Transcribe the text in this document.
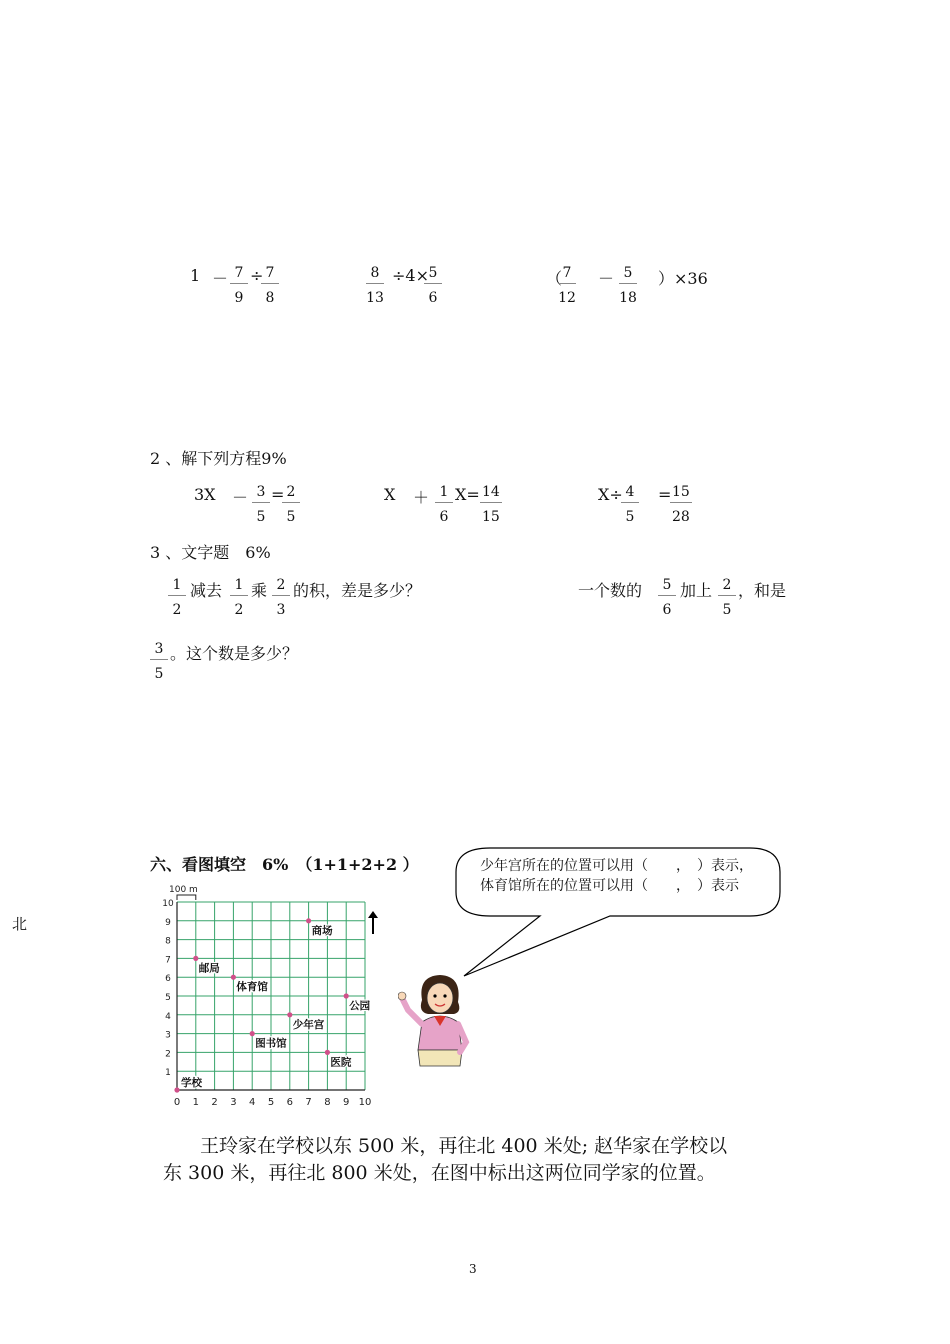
$1 - \frac{7}{9}$ ÷
$\frac{7}{8}$	$\frac{8}{13} \div 4\times$
$\frac{5}{6}$	（
$\frac{7}{12} - \frac{5}{18} )\times 36$
2 、解下列方程9%
$3X - \frac{3}{5}$ =
$\frac{2}{5}$	$X + \frac{1}{6} X= \frac{14}{15}$	X÷
$\frac{4}{5}$ =
$\frac{15}{28}$
3 、文字题　6%
$\frac{1}{2}$ 减去 $\frac{1}{2}$ 乘 $\frac{2}{3}$ 的积，差是多少？	一个数的 $\frac{5}{6}$ 加上 $\frac{2}{5}$ ，和是
$\frac{3}{5}$ 。这个数是多少？
六、看图填空　6%　（1+1+2+2 ）
北
少年宫所在的位置可以用（　　，　）表示，
体育馆所在的位置可以用（　　，　）表示
100 m
0 1 2 3 4 5 6 7 8 9 10
1
2
3
4
5
6
7
8
9
10
学校
邮局
体育馆
商场
公园
少年宫
图书馆
医院
王玲家在学校以东 500 米，再往北 400 米处; 赵华家在学校以
东 300 米，再往北 800 米处，在图中标出这两位同学家的位置。
3
